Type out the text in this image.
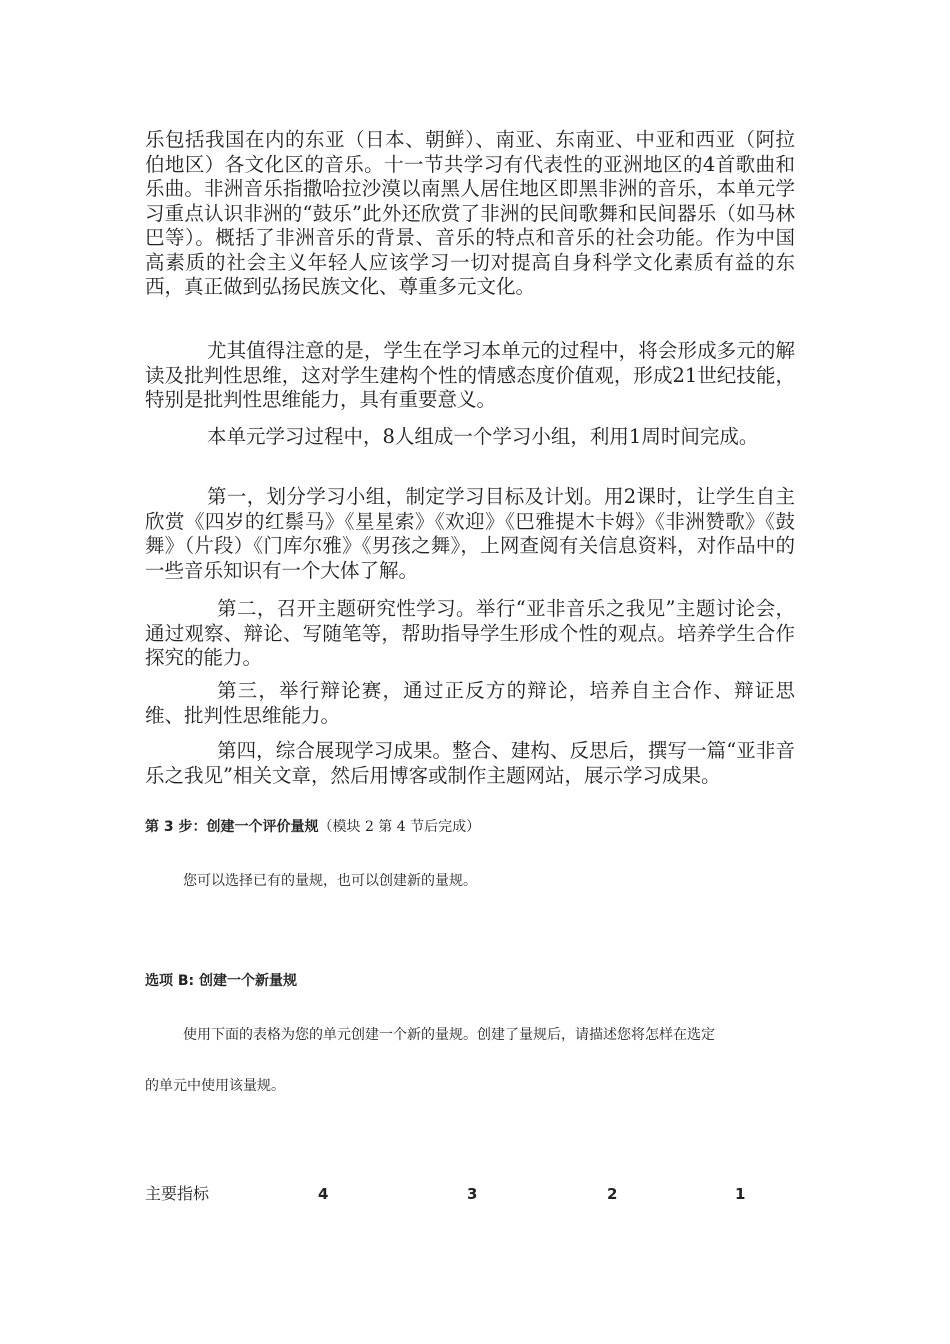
乐包括我国在内的东亚（日本、朝鲜）、南亚、东南亚、中亚和西亚（阿拉伯地区）各文化区的音乐。十一节共学习有代表性的亚洲地区的4首歌曲和乐曲。非洲音乐指撒哈拉沙漠以南黑人居住地区即黑非洲的音乐，本单元学习重点认识非洲的“鼓乐”此外还欣赏了非洲的民间歌舞和民间器乐（如马林巴等）。概括了非洲音乐的背景、音乐的特点和音乐的社会功能。作为中国高素质的社会主义年轻人应该学习一切对提高自身科学文化素质有益的东西，真正做到弘扬民族文化、尊重多元文化。

尤其值得注意的是，学生在学习本单元的过程中，将会形成多元的解读及批判性思维，这对学生建构个性的情感态度价值观，形成21世纪技能，特别是批判性思维能力，具有重要意义。

本单元学习过程中，8人组成一个学习小组，利用1周时间完成。

第一，划分学习小组，制定学习目标及计划。用2课时，让学生自主欣赏《四岁的红鬃马》《星星索》《欢迎》《巴雅提木卡姆》《非洲赞歌》《鼓舞》（片段）《门库尔雅》《男孩之舞》，上网查阅有关信息资料，对作品中的一些音乐知识有一个大体了解。

第二，召开主题研究性学习。举行“亚非音乐之我见”主题讨论会，通过观察、辩论、写随笔等，帮助指导学生形成个性的观点。培养学生合作探究的能力。

第三，举行辩论赛，通过正反方的辩论，培养自主合作、辩证思维、批判性思维能力。

第四，综合展现学习成果。整合、建构、反思后，撰写一篇“亚非音乐之我见”相关文章，然后用博客或制作主题网站，展示学习成果。

第 3 步：创建一个评价量规（模块 2 第 4 节后完成）

您可以选择已有的量规，也可以创建新的量规。

选项 B: 创建一个新量规

使用下面的表格为您的单元创建一个新的量规。创建了量规后，请描述您将怎样在选定

的单元中使用该量规。

主要指标	4	3	2	1
